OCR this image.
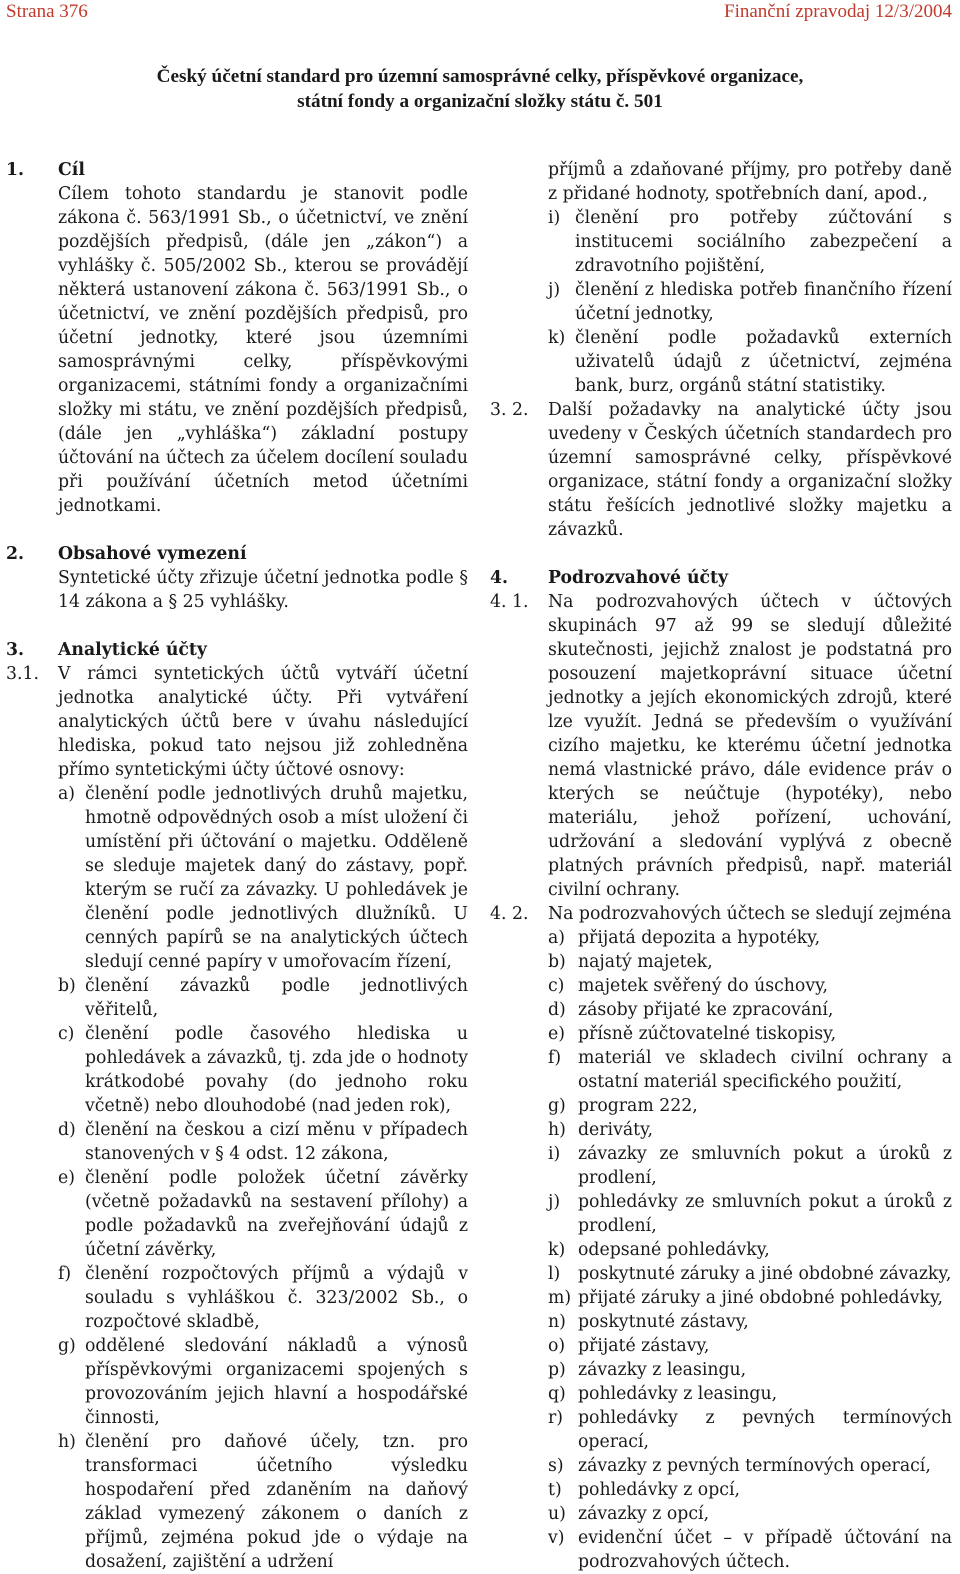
Strana 376	Finanční zpravodaj 12/3/2004
Český účetní standard pro územní samosprávné celky, příspěvkové organizace,
státní fondy a organizační složky státu č. 501
1.	Cíl
Cílem tohoto standardu je stanovit podle zákona č. 563/1991 Sb., o účetnictví, ve znění pozdějších předpisů, (dále jen „zákon“) a vyhlášky č. 505/2002 Sb., kterou se provádějí některá ustanovení zákona č. 563/1991 Sb., o účetnictví, ve znění pozdějších předpisů, pro účetní jednotky, které jsou územními samosprávnými celky, příspěvkovými organizacemi, státními fondy a organizačními složky mi státu, ve znění pozdějších předpisů, (dále jen „vyhláška“) základní postupy účtování na účtech za účelem docílení souladu při používání účetních metod účetními jednotkami.
2.	Obsahové vymezení
Syntetické účty zřizuje účetní jednotka podle § 14 zákona a § 25 vyhlášky.
3.	Analytické účty
3.1.	V rámci syntetických účtů vytváří účetní jednotka analytické účty. Při vytváření analytických účtů bere v úvahu následující hlediska, pokud tato nejsou již zohledněna přímo syntetickými účty účtové osnovy:
a) členění podle jednotlivých druhů majetku, hmotně odpovědných osob a míst uložení či umístění při účtování o majetku. Odděleně se sleduje majetek daný do zástavy, popř. kterým se ručí za závazky. U pohledávek je členění podle jednotlivých dlužníků. U cenných papírů se na analytických účtech sledují cenné papíry v umořovacím řízení,
b) členění závazků podle jednotlivých věřitelů,
c) členění podle časového hlediska u pohledávek a závazků, tj. zda jde o hodnoty krátkodobé povahy (do jednoho roku včetně) nebo dlouhodobé (nad jeden rok),
d) členění na českou a cizí měnu v případech stanovených v § 4 odst. 12 zákona,
e) členění podle položek účetní závěrky (včetně požadavků na sestavení přílohy) a podle požadavků na zveřejňování údajů z účetní závěrky,
f) členění rozpočtových příjmů a výdajů v souladu s vyhláškou č. 323/2002 Sb., o rozpočtové skladbě,
g) oddělené sledování nákladů a výnosů příspěvkovými organizacemi spojených s provozováním jejich hlavní a hospodářské činnosti,
h) členění pro daňové účely, tzn. pro transformaci účetního výsledku hospodaření před zdaněním na daňový základ vymezený zákonem o daních z příjmů, zejména pokud jde o výdaje na dosažení, zajištění a udržení
příjmů a zdaňované příjmy, pro potřeby daně z přidané hodnoty, spotřebních daní, apod.,
i) členění pro potřeby zúčtování s institucemi sociálního zabezpečení a zdravotního pojištění,
j) členění z hlediska potřeb finančního řízení účetní jednotky,
k) členění podle požadavků externích uživatelů údajů z účetnictví, zejména bank, burz, orgánů státní statistiky.
3. 2.	Další požadavky na analytické účty jsou uvedeny v Českých účetních standardech pro územní samosprávné celky, příspěvkové organizace, státní fondy a organizační složky státu řešících jednotlivé složky majetku a závazků.
4.	Podrozvahové účty
4. 1.	Na podrozvahových účtech v účtových skupinách 97 až 99 se sledují důležité skutečnosti, jejichž znalost je podstatná pro posouzení majetkoprávní situace účetní jednotky a jejích ekonomických zdrojů, které lze využít. Jedná se především o využívání cizího majetku, ke kterému účetní jednotka nemá vlastnické právo, dále evidence práv o kterých se neúčtuje (hypotéky), nebo materiálu, jehož pořízení, uchování, udržování a sledování vyplývá z obecně platných právních předpisů, např. materiál civilní ochrany.
4. 2.	Na podrozvahových účtech se sledují zejména
a) přijatá depozita a hypotéky,
b) najatý majetek,
c) majetek svěřený do úschovy,
d) zásoby přijaté ke zpracování,
e) přísně zúčtovatelné tiskopisy,
f) materiál ve skladech civilní ochrany a ostatní materiál specifického použití,
g) program 222,
h) deriváty,
i)	závazky ze smluvních pokut a úroků z prodlení,
j)	pohledávky ze smluvních pokut a úroků z prodlení,
k) odepsané pohledávky,
l)	poskytnuté záruky a jiné obdobné závazky,
m) přijaté záruky a jiné obdobné pohledávky,
n) poskytnuté zástavy,
o) přijaté zástavy,
p) závazky z leasingu,
q) pohledávky z leasingu,
r) pohledávky z pevných termínových operací,
s) závazky z pevných termínových operací,
t) pohledávky z opcí,
u) závazky z opcí,
v) evidenční účet – v případě účtování na podrozvahových účtech.
